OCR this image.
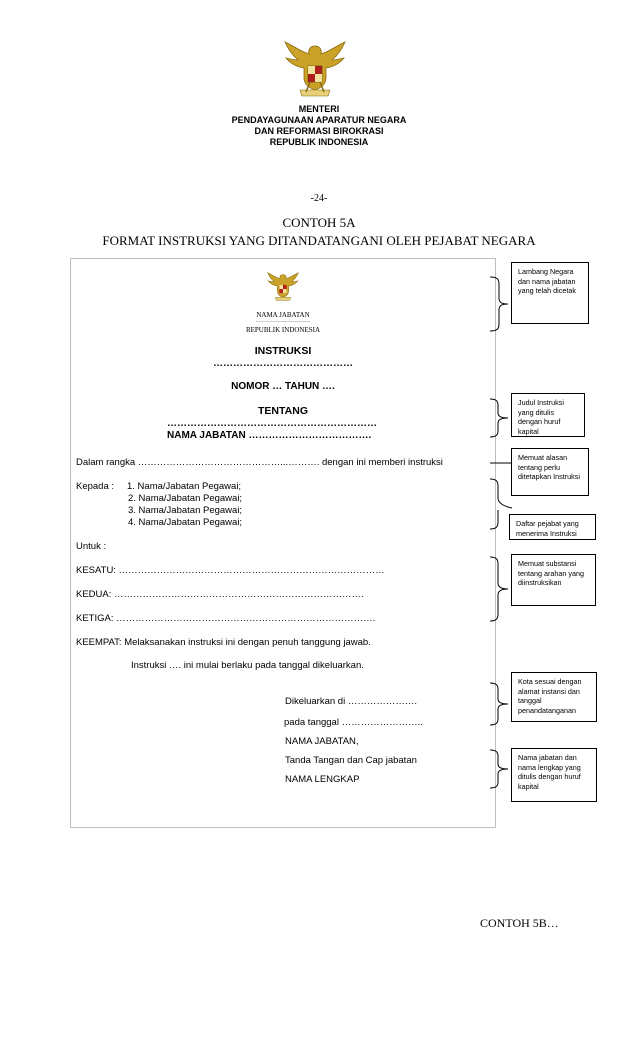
MENTERI
PENDAYAGUNAAN APARATUR NEGARA
DAN REFORMASI BIROKRASI
REPUBLIK INDONESIA
-24-
CONTOH 5A
FORMAT INSTRUKSI YANG DITANDATANGANI OLEH PEJABAT NEGARA
NAMA JABATAN
………………………
REPUBLIK INDONESIA
INSTRUKSI
……………………………………
NOMOR … TAHUN ….
TENTANG
………………………………………………………
NAMA JABATAN ……………………………….
Dalam rangka ………………………………………...………. dengan ini memberi instruksi
Kepada : 1. Nama/Jabatan Pegawai;
2. Nama/Jabatan Pegawai;
3. Nama/Jabatan Pegawai;
4. Nama/Jabatan Pegawai;
Untuk :
KESATU: …………………………………………………………………………
KEDUA: …………………………………………………………………….
KETIGA: ……………………………………………………………………….
KEEMPAT: Melaksanakan instruksi ini dengan penuh tanggung jawab.
Instruksi …. ini mulai berlaku pada tanggal dikeluarkan.
Dikeluarkan di ………………….
pada tanggal ……………………..
NAMA JABATAN,
Tanda Tangan dan Cap jabatan
NAMA LENGKAP
Lambang Negara dan nama jabatan yang telah dicetak
Judul Instruksi yang ditulis dengan huruf kapital
Memuat alasan tentang perlu ditetapkan Instruksi
Daftar pejabat yang menerima Instruksi
Memuat substansi tentang arahan yang diinstruksikan
Kota sesuai dengan alamat instansi dan tanggal penandatanganan
Nama jabatan dan nama lengkap yang ditulis dengan huruf kapital
CONTOH 5B…
